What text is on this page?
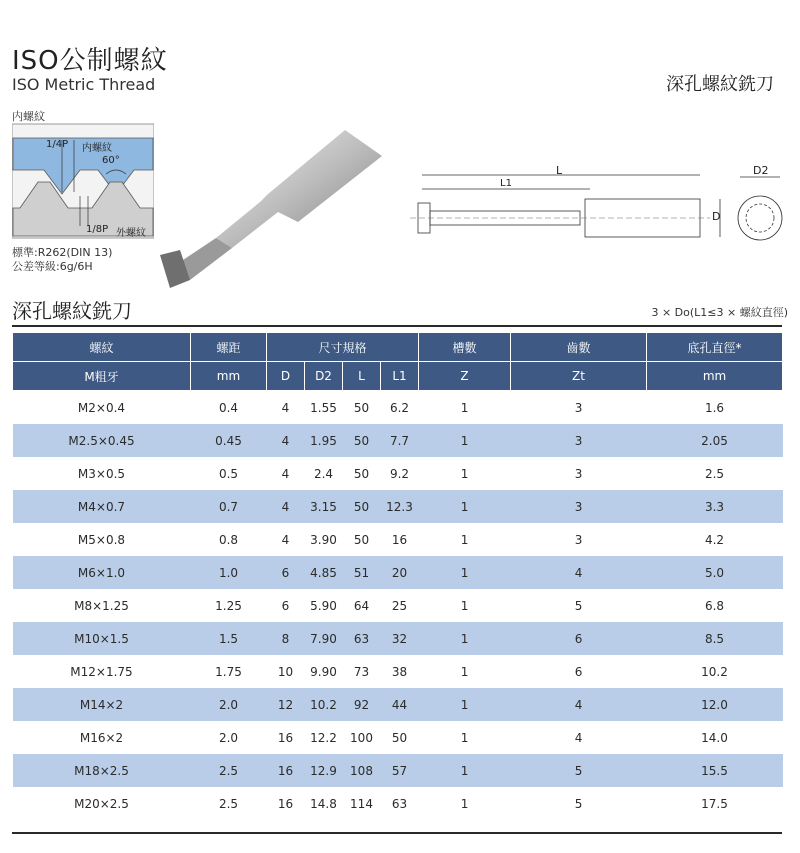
ISO公制螺紋
ISO Metric Thread	深孔螺紋銑刀
内螺紋
1/4P 内螺紋
60°
1/8P 外螺紋
標準:R262(DIN 13)
公差等級:6g/6H
L
L1
D
D2
深孔螺紋銑刀	3 × Do(L1≤3 × 螺紋直徑)
螺紋	螺距	尺寸規格				槽數	齒數	底孔直徑*
M粗牙	mm	D	D2	L	L1	Z	Zt	mm
M2×0.4	0.4	4	1.55	50	6.2	1	3	1.6
M2.5×0.45	0.45	4	1.95	50	7.7	1	3	2.05
M3×0.5	0.5	4	2.4	50	9.2	1	3	2.5
M4×0.7	0.7	4	3.15	50	12.3	1	3	3.3
M5×0.8	0.8	4	3.90	50	16	1	3	4.2
M6×1.0	1.0	6	4.85	51	20	1	4	5.0
M8×1.25	1.25	6	5.90	64	25	1	5	6.8
M10×1.5	1.5	8	7.90	63	32	1	6	8.5
M12×1.75	1.75	10	9.90	73	38	1	6	10.2
M14×2	2.0	12	10.2	92	44	1	4	12.0
M16×2	2.0	16	12.2	100	50	1	4	14.0
M18×2.5	2.5	16	12.9	108	57	1	5	15.5
M20×2.5	2.5	16	14.8	114	63	1	5	17.5
